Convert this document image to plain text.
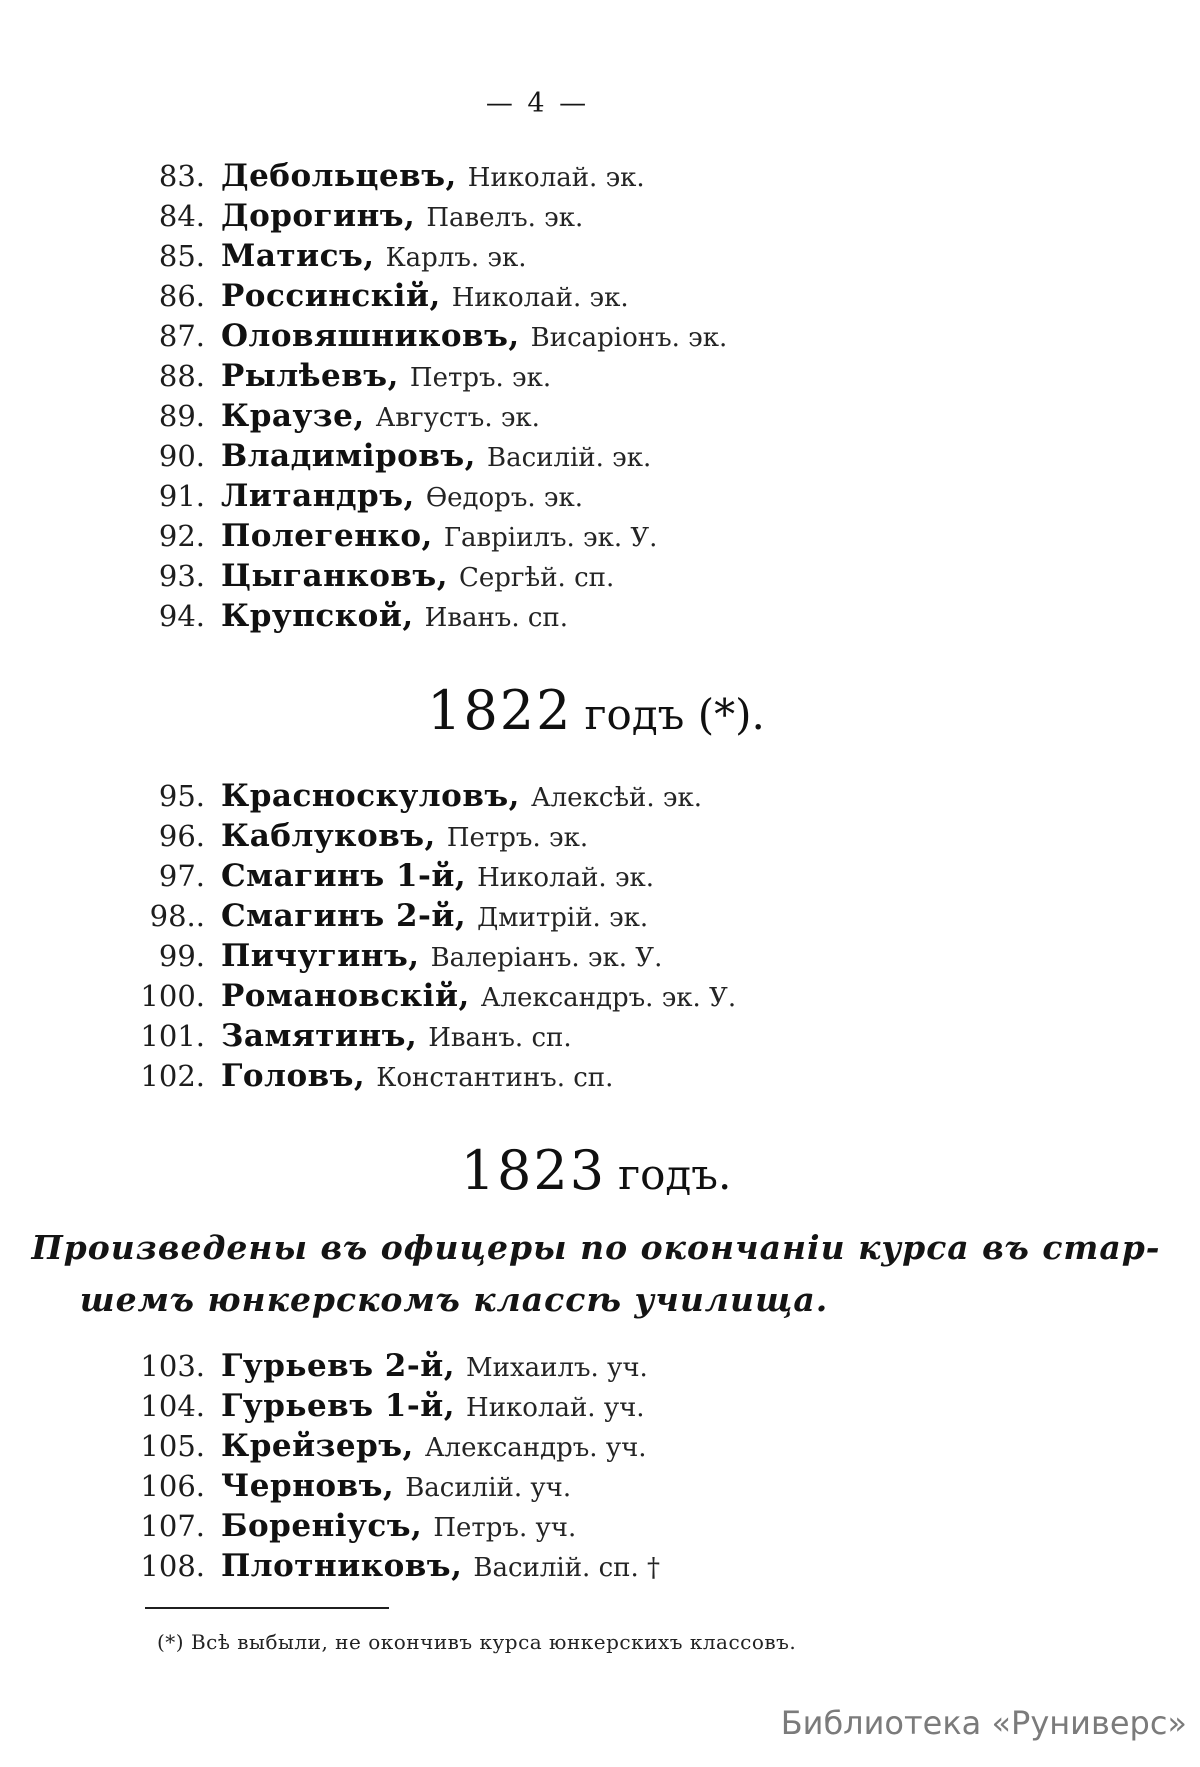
— 4 —
83. Дебольцевъ, Николай. эк.
84. Дорогинъ, Павелъ. эк.
85. Матисъ, Карлъ. эк.
86. Россинскій, Николай. эк.
87. Оловяшниковъ, Висаріонъ. эк.
88. Рылѣевъ, Петръ. эк.
89. Краузе, Августъ. эк.
90. Владиміровъ, Василій. эк.
91. Литандръ, Ѳедоръ. эк.
92. Полегенко, Гавріилъ. эк. У.
93. Цыганковъ, Сергѣй. сп.
94. Крупской, Иванъ. сп.
1822 годъ (*).
95. Красноскуловъ, Алексѣй. эк.
96. Каблуковъ, Петръ. эк.
97. Смагинъ 1-й, Николай. эк.
98.. Смагинъ 2-й, Дмитрій. эк.
99. Пичугинъ, Валеріанъ. эк. У.
100. Романовскій, Александръ. эк. У.
101. Замятинъ, Иванъ. сп.
102. Головъ, Константинъ. сп.
1823 годъ.
Произведены въ офицеры по окончаніи курса въ стар-
шемъ юнкерскомъ классѣ училища.
103. Гурьевъ 2-й, Михаилъ. уч.
104. Гурьевъ 1-й, Николай. уч.
105. Крейзеръ, Александръ. уч.
106. Черновъ, Василій. уч.
107. Бореніусъ, Петръ. уч.
108. Плотниковъ, Василій. сп. †
(*) Всѣ выбыли, не окончивъ курса юнкерскихъ классовъ.
Библиотека «Руниверс»
